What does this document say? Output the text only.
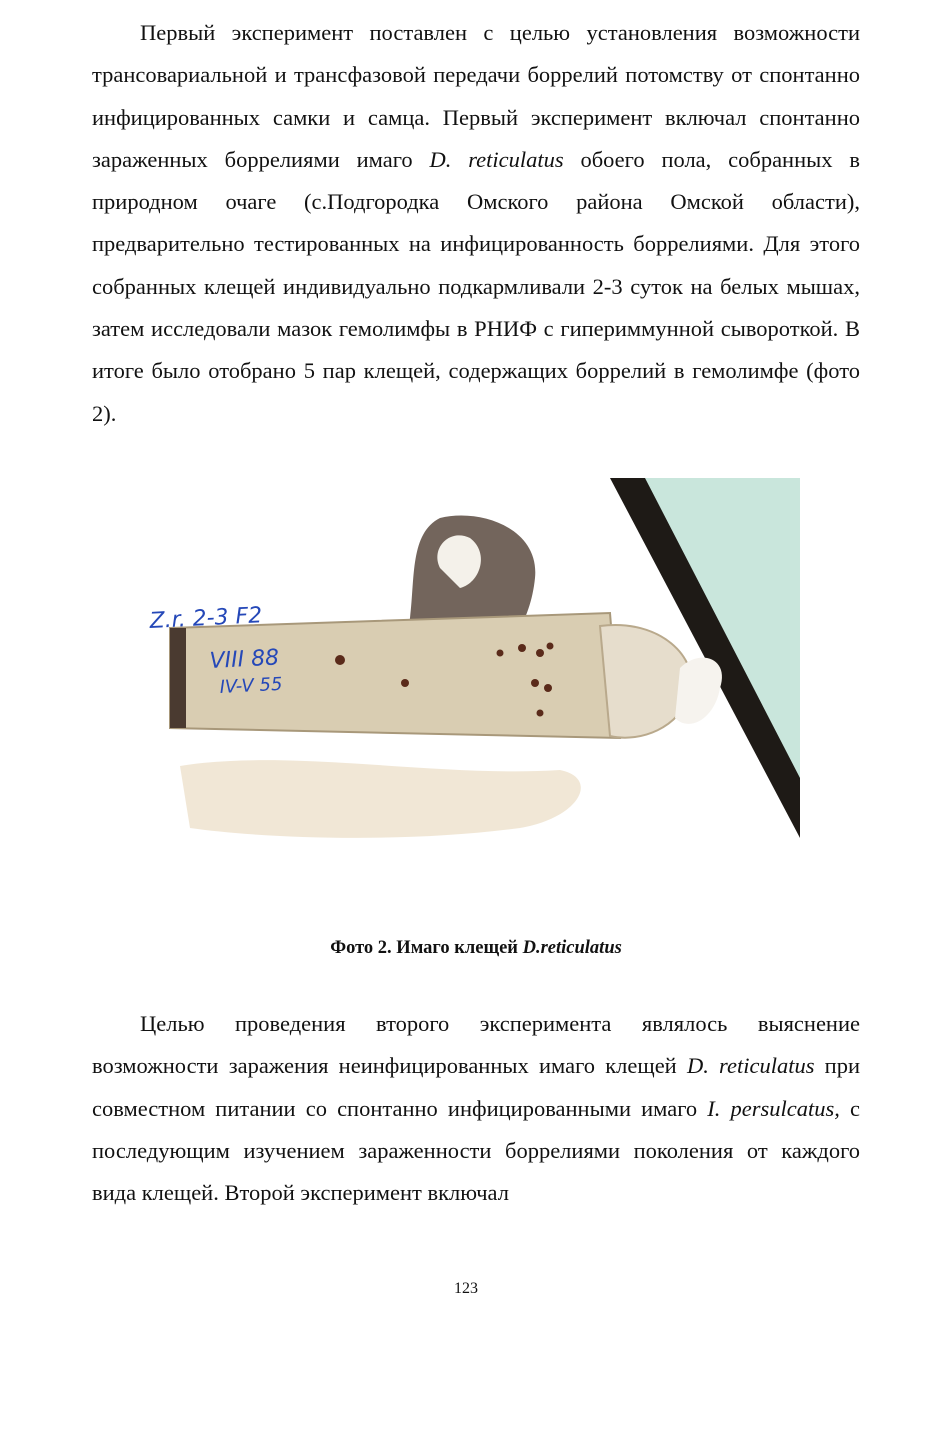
Первый эксперимент поставлен с целью установления возможности трансовариальной и трансфазовой передачи боррелий потомству от спонтанно инфицированных самки и самца. Первый эксперимент включал спонтанно зараженных боррелиями имаго D. reticulatus обоего пола, собранных в природном очаге (с.Подгородка Омского района Омской области), предварительно тестированных на инфицированность боррелиями. Для этого собранных клещей индивидуально подкармливали 2-3 суток на белых мышах, затем исследовали мазок гемолимфы в РНИФ с гипериммунной сывороткой. В итоге было отобрано 5 пар клещей, содержащих боррелий в гемолимфе (фото 2).

Z.r. 2-3 F2
VIII 88
IV-V 55
Фото 2. Имаго клещей D.reticulatus

Целью проведения второго эксперимента являлось выяснение возможности заражения неинфицированных имаго клещей D. reticulatus при совместном питании со спонтанно инфицированными имаго I. persulcatus, с последующим изучением зараженности боррелиями поколения от каждого вида клещей. Второй эксперимент включал

123
